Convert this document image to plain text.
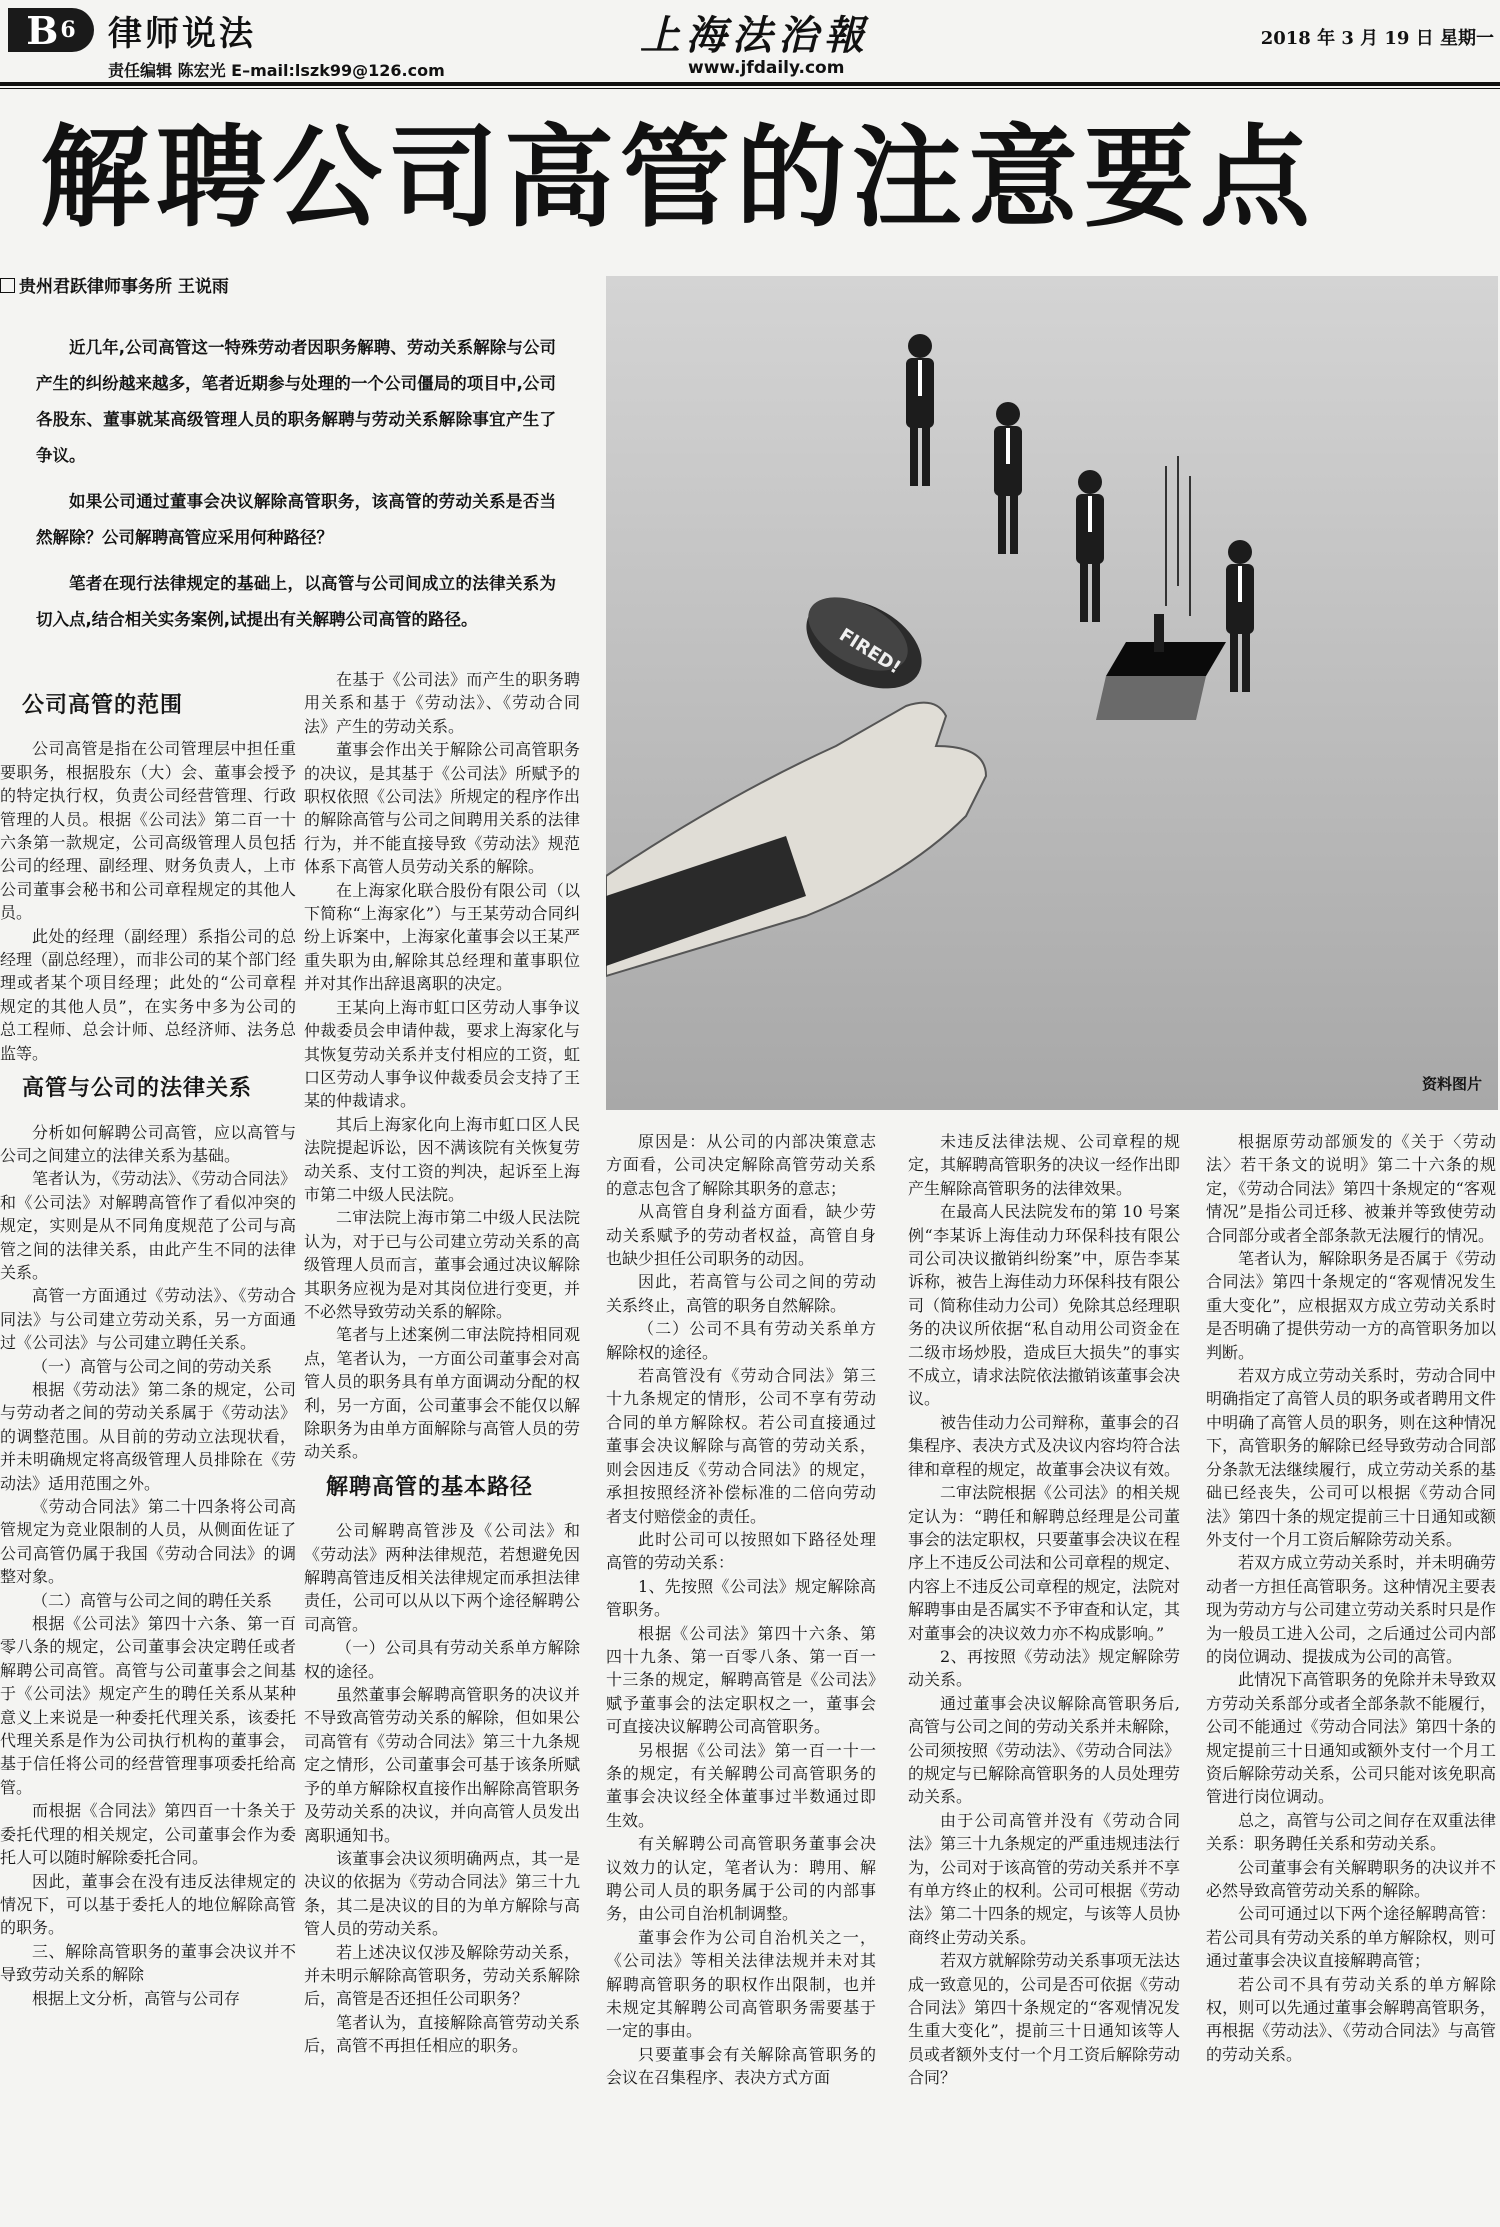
B 6 律师说法
责任编辑 陈宏光 E–mail:lszk99@126.com
上海法治報
www.jfdaily.com
2018 年 3 月 19 日 星期一
解聘公司高管的注意要点
贵州君跃律师事务所 王说雨

近几年,公司高管这一特殊劳动者因职务解聘、劳动关系解除与公司产生的纠纷越来越多，笔者近期参与处理的一个公司僵局的项目中,公司各股东、董事就某高级管理人员的职务解聘与劳动关系解除事宜产生了争议。

如果公司通过董事会决议解除高管职务，该高管的劳动关系是否当然解除？公司解聘高管应采用何种路径？

笔者在现行法律规定的基础上，以高管与公司间成立的法律关系为切入点,结合相关实务案例,试提出有关解聘公司高管的路径。

FIRED!
资料图片
公司高管的范围

公司高管是指在公司管理层中担任重要职务，根据股东（大）会、董事会授予的特定执行权，负责公司经营管理、行政管理的人员。根据《公司法》第二百一十六条第一款规定，公司高级管理人员包括公司的经理、副经理、财务负责人，上市公司董事会秘书和公司章程规定的其他人员。

此处的经理（副经理）系指公司的总经理（副总经理），而非公司的某个部门经理或者某个项目经理；此处的“公司章程规定的其他人员”，在实务中多为公司的总工程师、总会计师、总经济师、法务总监等。

高管与公司的法律关系

分析如何解聘公司高管，应以高管与公司之间建立的法律关系为基础。

笔者认为，《劳动法》、《劳动合同法》和《公司法》对解聘高管作了看似冲突的规定，实则是从不同角度规范了公司与高管之间的法律关系，由此产生不同的法律关系。

高管一方面通过《劳动法》、《劳动合同法》与公司建立劳动关系，另一方面通过《公司法》与公司建立聘任关系。

（一）高管与公司之间的劳动关系

根据《劳动法》第二条的规定，公司与劳动者之间的劳动关系属于《劳动法》的调整范围。从目前的劳动立法现状看，并未明确规定将高级管理人员排除在《劳动法》适用范围之外。

《劳动合同法》第二十四条将公司高管规定为竞业限制的人员，从侧面佐证了公司高管仍属于我国《劳动合同法》的调整对象。

（二）高管与公司之间的聘任关系

根据《公司法》第四十六条、第一百零八条的规定，公司董事会决定聘任或者解聘公司高管。高管与公司董事会之间基于《公司法》规定产生的聘任关系从某种意义上来说是一种委托代理关系，该委托代理关系是作为公司执行机构的董事会，基于信任将公司的经营管理事项委托给高管。

而根据《合同法》第四百一十条关于委托代理的相关规定，公司董事会作为委托人可以随时解除委托合同。

因此，董事会在没有违反法律规定的情况下，可以基于委托人的地位解除高管的职务。

三、解除高管职务的董事会决议并不导致劳动关系的解除

根据上文分析，高管与公司存

在基于《公司法》而产生的职务聘用关系和基于《劳动法》、《劳动合同法》产生的劳动关系。

董事会作出关于解除公司高管职务的决议，是其基于《公司法》所赋予的职权依照《公司法》所规定的程序作出的解除高管与公司之间聘用关系的法律行为，并不能直接导致《劳动法》规范体系下高管人员劳动关系的解除。

在上海家化联合股份有限公司（以下简称“上海家化”）与王某劳动合同纠纷上诉案中，上海家化董事会以王某严重失职为由,解除其总经理和董事职位并对其作出辞退离职的决定。

王某向上海市虹口区劳动人事争议仲裁委员会申请仲裁，要求上海家化与其恢复劳动关系并支付相应的工资，虹口区劳动人事争议仲裁委员会支持了王某的仲裁请求。

其后上海家化向上海市虹口区人民法院提起诉讼，因不满该院有关恢复劳动关系、支付工资的判决，起诉至上海市第二中级人民法院。

二审法院上海市第二中级人民法院认为，对于已与公司建立劳动关系的高级管理人员而言，董事会通过决议解除其职务应视为是对其岗位进行变更，并不必然导致劳动关系的解除。

笔者与上述案例二审法院持相同观点，笔者认为，一方面公司董事会对高管人员的职务具有单方面调动分配的权利，另一方面，公司董事会不能仅以解除职务为由单方面解除与高管人员的劳动关系。

解聘高管的基本路径

公司解聘高管涉及《公司法》和《劳动法》两种法律规范，若想避免因解聘高管违反相关法律规定而承担法律责任，公司可以从以下两个途径解聘公司高管。

（一）公司具有劳动关系单方解除权的途径。

虽然董事会解聘高管职务的决议并不导致高管劳动关系的解除，但如果公司高管有《劳动合同法》第三十九条规定之情形，公司董事会可基于该条所赋予的单方解除权直接作出解除高管职务及劳动关系的决议，并向高管人员发出离职通知书。

该董事会决议须明确两点，其一是决议的依据为《劳动合同法》第三十九条，其二是决议的目的为单方解除与高管人员的劳动关系。

若上述决议仅涉及解除劳动关系，并未明示解除高管职务，劳动关系解除后，高管是否还担任公司职务？

笔者认为，直接解除高管劳动关系后，高管不再担任相应的职务。

原因是：从公司的内部决策意志方面看，公司决定解除高管劳动关系的意志包含了解除其职务的意志；

从高管自身利益方面看，缺少劳动关系赋予的劳动者权益，高管自身也缺少担任公司职务的动因。

因此，若高管与公司之间的劳动关系终止，高管的职务自然解除。

（二）公司不具有劳动关系单方解除权的途径。

若高管没有《劳动合同法》第三十九条规定的情形，公司不享有劳动合同的单方解除权。若公司直接通过董事会决议解除与高管的劳动关系，则会因违反《劳动合同法》的规定，承担按照经济补偿标准的二倍向劳动者支付赔偿金的责任。

此时公司可以按照如下路径处理高管的劳动关系：

1、先按照《公司法》规定解除高管职务。

根据《公司法》第四十六条、第四十九条、第一百零八条、第一百一十三条的规定，解聘高管是《公司法》赋予董事会的法定职权之一，董事会可直接决议解聘公司高管职务。

另根据《公司法》第一百一十一条的规定，有关解聘公司高管职务的董事会决议经全体董事过半数通过即生效。

有关解聘公司高管职务董事会决议效力的认定，笔者认为：聘用、解聘公司人员的职务属于公司的内部事务，由公司自治机制调整。

董事会作为公司自治机关之一，《公司法》等相关法律法规并未对其解聘高管职务的职权作出限制，也并未规定其解聘公司高管职务需要基于一定的事由。

只要董事会有关解除高管职务的会议在召集程序、表决方式方面

未违反法律法规、公司章程的规定，其解聘高管职务的决议一经作出即产生解除高管职务的法律效果。

在最高人民法院发布的第 10 号案例“李某诉上海佳动力环保科技有限公司公司决议撤销纠纷案”中，原告李某诉称，被告上海佳动力环保科技有限公司（简称佳动力公司）免除其总经理职务的决议所依据“私自动用公司资金在二级市场炒股，造成巨大损失”的事实不成立，请求法院依法撤销该董事会决议。

被告佳动力公司辩称，董事会的召集程序、表决方式及决议内容均符合法律和章程的规定，故董事会决议有效。

二审法院根据《公司法》的相关规定认为：“聘任和解聘总经理是公司董事会的法定职权，只要董事会决议在程序上不违反公司法和公司章程的规定、内容上不违反公司章程的规定，法院对解聘事由是否属实不予审查和认定，其对董事会的决议效力亦不构成影响。”

2、再按照《劳动法》规定解除劳动关系。

通过董事会决议解除高管职务后,高管与公司之间的劳动关系并未解除，公司须按照《劳动法》、《劳动合同法》的规定与已解除高管职务的人员处理劳动关系。

由于公司高管并没有《劳动合同法》第三十九条规定的严重违规违法行为，公司对于该高管的劳动关系并不享有单方终止的权利。公司可根据《劳动法》第二十四条的规定，与该等人员协商终止劳动关系。

若双方就解除劳动关系事项无法达成一致意见的，公司是否可依据《劳动合同法》第四十条规定的“客观情况发生重大变化”，提前三十日通知该等人员或者额外支付一个月工资后解除劳动合同？

根据原劳动部颁发的《关于〈劳动法〉若干条文的说明》第二十六条的规定，《劳动合同法》第四十条规定的“客观情况”是指公司迁移、被兼并等致使劳动合同部分或者全部条款无法履行的情况。

笔者认为，解除职务是否属于《劳动合同法》第四十条规定的“客观情况发生重大变化”，应根据双方成立劳动关系时是否明确了提供劳动一方的高管职务加以判断。

若双方成立劳动关系时，劳动合同中明确指定了高管人员的职务或者聘用文件中明确了高管人员的职务，则在这种情况下，高管职务的解除已经导致劳动合同部分条款无法继续履行，成立劳动关系的基础已经丧失，公司可以根据《劳动合同法》第四十条的规定提前三十日通知或额外支付一个月工资后解除劳动关系。

若双方成立劳动关系时，并未明确劳动者一方担任高管职务。这种情况主要表现为劳动方与公司建立劳动关系时只是作为一般员工进入公司，之后通过公司内部的岗位调动、提拔成为公司的高管。

此情况下高管职务的免除并未导致双方劳动关系部分或者全部条款不能履行，公司不能通过《劳动合同法》第四十条的规定提前三十日通知或额外支付一个月工资后解除劳动关系，公司只能对该免职高管进行岗位调动。

总之，高管与公司之间存在双重法律关系：职务聘任关系和劳动关系。

公司董事会有关解聘职务的决议并不必然导致高管劳动关系的解除。

公司可通过以下两个途径解聘高管：若公司具有劳动关系的单方解除权，则可通过董事会决议直接解聘高管；

若公司不具有劳动关系的单方解除权，则可以先通过董事会解聘高管职务，再根据《劳动法》、《劳动合同法》与高管的劳动关系。
